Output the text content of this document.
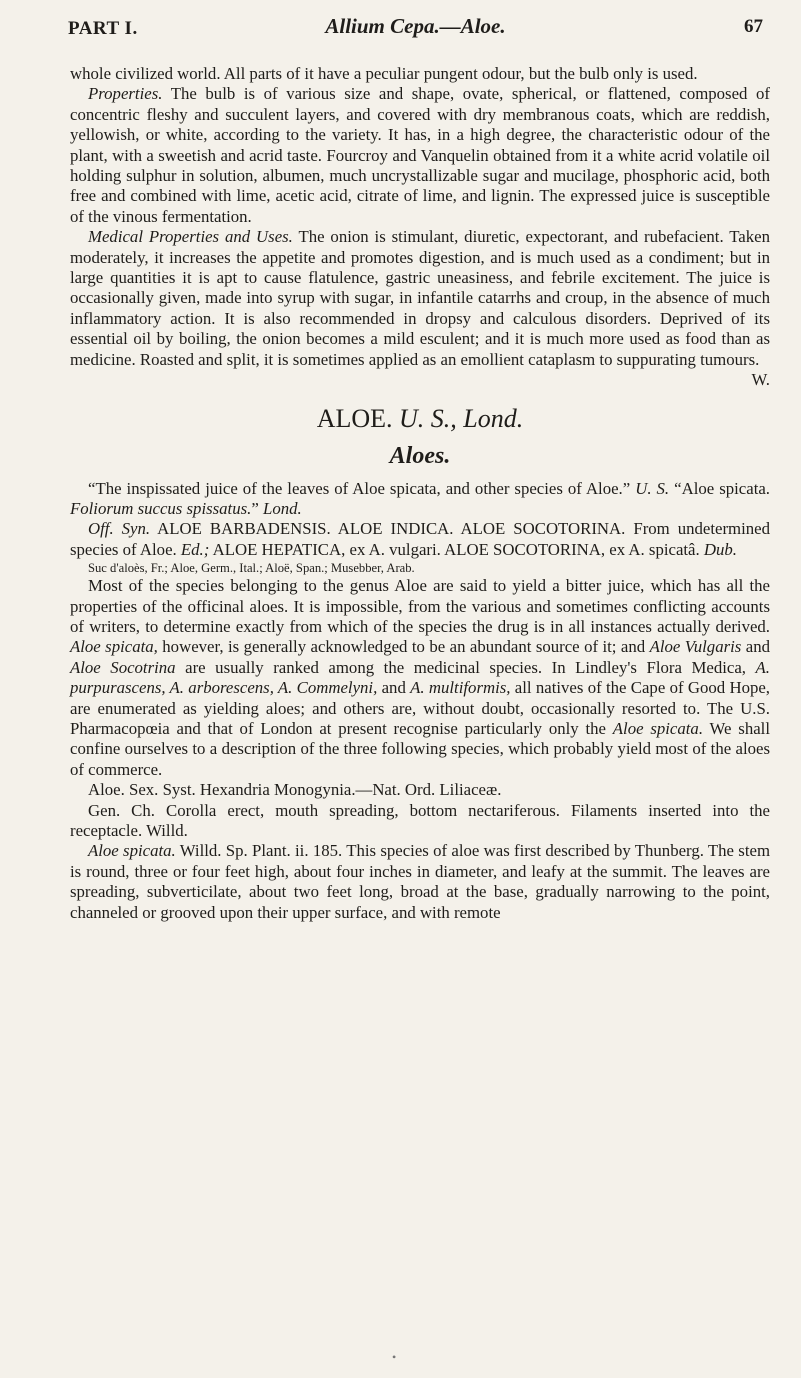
PART I.	Allium Cepa.—Aloe.	67

whole civilized world. All parts of it have a peculiar pungent odour, but the bulb only is used.

Properties. The bulb is of various size and shape, ovate, spherical, or flattened, composed of concentric fleshy and succulent layers, and covered with dry membranous coats, which are reddish, yellowish, or white, according to the variety. It has, in a high degree, the characteristic odour of the plant, with a sweetish and acrid taste. Fourcroy and Vanquelin obtained from it a white acrid volatile oil holding sulphur in solution, albumen, much uncrystallizable sugar and mucilage, phosphoric acid, both free and combined with lime, acetic acid, citrate of lime, and lignin. The expressed juice is susceptible of the vinous fermentation.

Medical Properties and Uses. The onion is stimulant, diuretic, expectorant, and rubefacient. Taken moderately, it increases the appetite and promotes digestion, and is much used as a condiment; but in large quantities it is apt to cause flatulence, gastric uneasiness, and febrile excitement. The juice is occasionally given, made into syrup with sugar, in infantile catarrhs and croup, in the absence of much inflammatory action. It is also recommended in dropsy and calculous disorders. Deprived of its essential oil by boiling, the onion becomes a mild esculent; and it is much more used as food than as medicine. Roasted and split, it is sometimes applied as an emollient cataplasm to suppurating tumours.

W.
ALOE. U. S., Lond.
Aloes.

“The inspissated juice of the leaves of Aloe spicata, and other species of Aloe.” U. S. “Aloe spicata. Foliorum succus spissatus.” Lond.

Off. Syn. ALOE BARBADENSIS. ALOE INDICA. ALOE SOCOTORINA. From undetermined species of Aloe. Ed.; ALOE HEPATICA, ex A. vulgari. ALOE SOCOTORINA, ex A. spicatâ. Dub.

Suc d'aloès, Fr.; Aloe, Germ., Ital.; Aloë, Span.; Musebber, Arab.

Most of the species belonging to the genus Aloe are said to yield a bitter juice, which has all the properties of the officinal aloes. It is impossible, from the various and sometimes conflicting accounts of writers, to determine exactly from which of the species the drug is in all instances actually derived. Aloe spicata, however, is generally acknowledged to be an abundant source of it; and Aloe Vulgaris and Aloe Socotrina are usually ranked among the medicinal species. In Lindley's Flora Medica, A. purpurascens, A. arborescens, A. Commelyni, and A. multiformis, all natives of the Cape of Good Hope, are enumerated as yielding aloes; and others are, without doubt, occasionally resorted to. The U.S. Pharmacopœia and that of London at present recognise particularly only the Aloe spicata. We shall confine ourselves to a description of the three following species, which probably yield most of the aloes of commerce.

Aloe. Sex. Syst. Hexandria Monogynia.—Nat. Ord. Liliaceæ.

Gen. Ch. Corolla erect, mouth spreading, bottom nectariferous. Filaments inserted into the receptacle. Willd.

Aloe spicata. Willd. Sp. Plant. ii. 185. This species of aloe was first described by Thunberg. The stem is round, three or four feet high, about four inches in diameter, and leafy at the summit. The leaves are spreading, subverticilate, about two feet long, broad at the base, gradually narrowing to the point, channeled or grooved upon their upper surface, and with remote

•
